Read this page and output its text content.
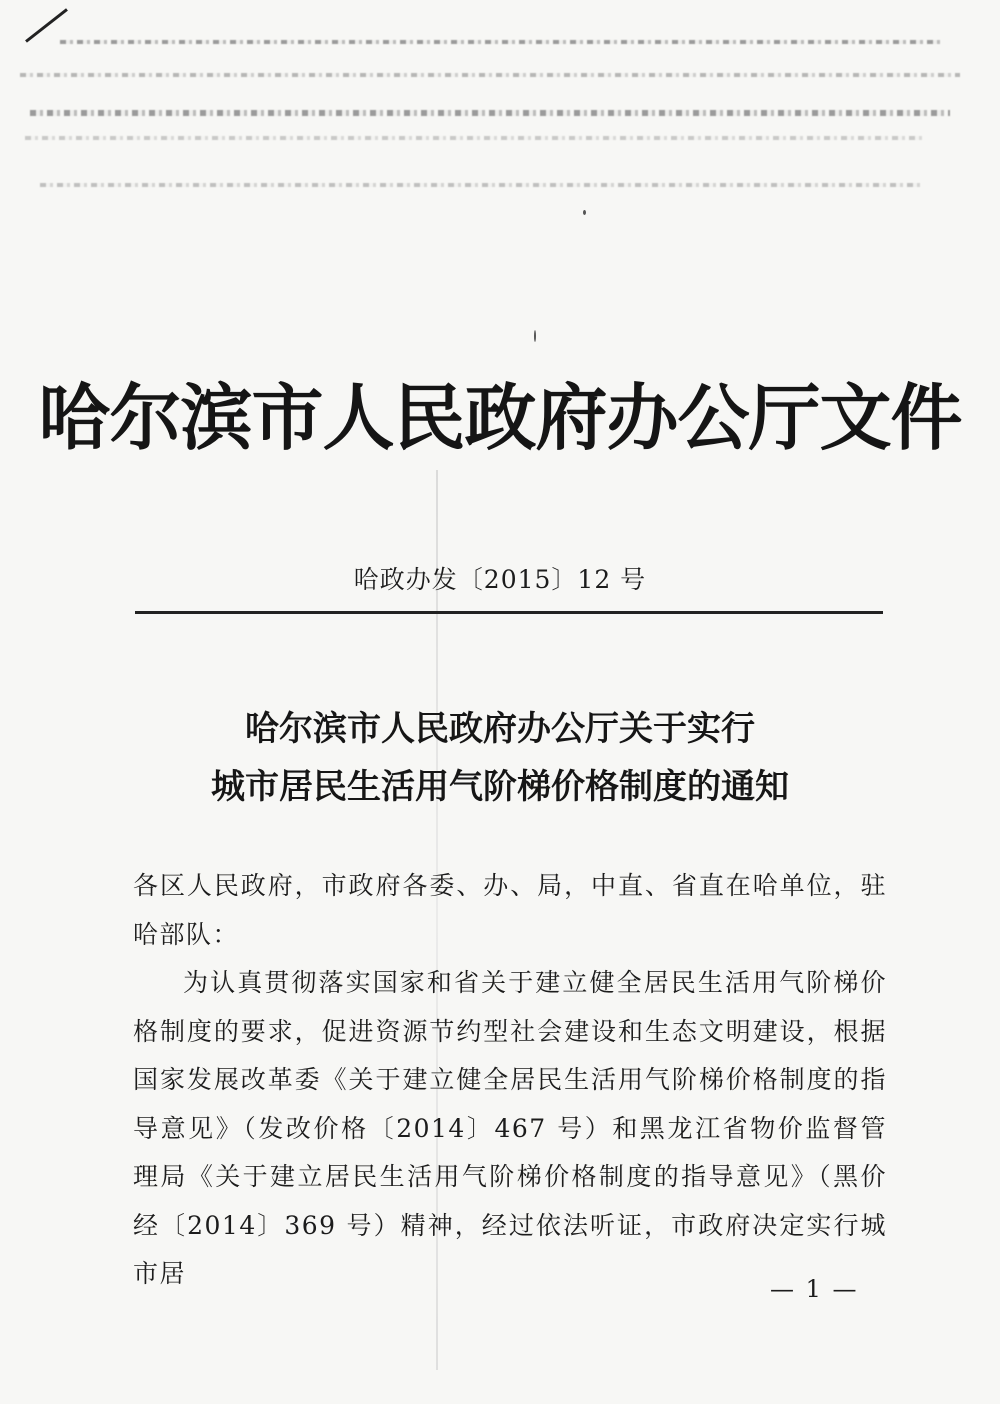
哈尔滨市人民政府办公厅文件
哈政办发〔2015〕12 号
哈尔滨市人民政府办公厅关于实行
城市居民生活用气阶梯价格制度的通知

各区人民政府，市政府各委、办、局，中直、省直在哈单位，驻哈部队：

为认真贯彻落实国家和省关于建立健全居民生活用气阶梯价格制度的要求，促进资源节约型社会建设和生态文明建设，根据国家发展改革委《关于建立健全居民生活用气阶梯价格制度的指导意见》（发改价格〔2014〕467 号）和黑龙江省物价监督管理局《关于建立居民生活用气阶梯价格制度的指导意见》（黑价经〔2014〕369 号）精神，经过依法听证，市政府决定实行城市居

— 1 —
